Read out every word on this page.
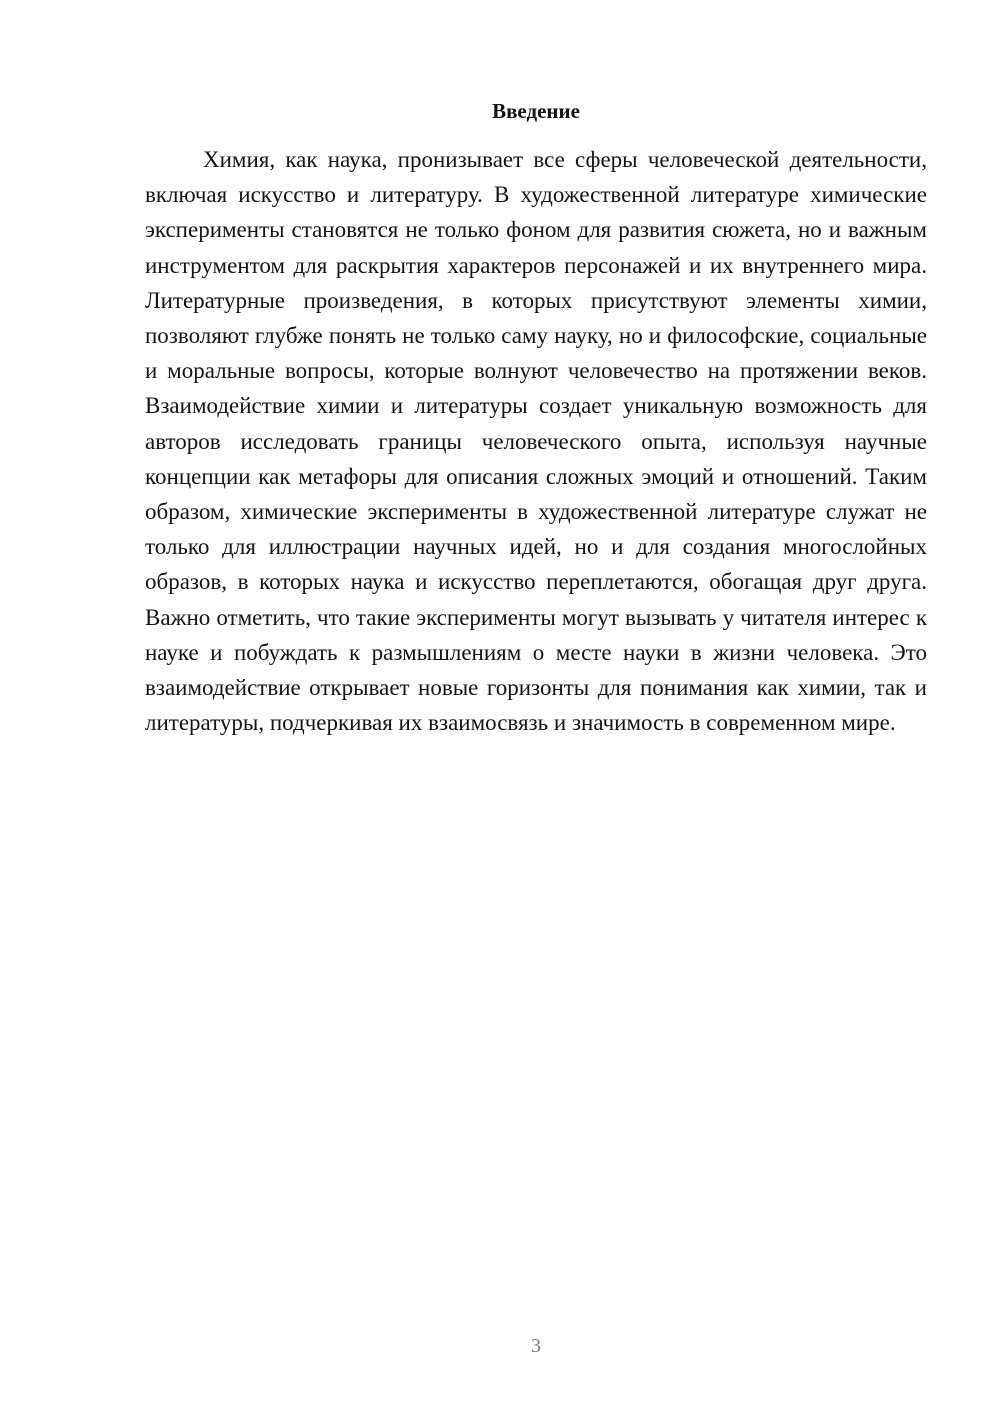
Введение

Химия, как наука, пронизывает все сферы человеческой деятельности, включая искусство и литературу. В художественной литературе химические эксперименты становятся не только фоном для развития сюжета, но и важным инструментом для раскрытия характеров персонажей и их внутреннего мира. Литературные произведения, в которых присутствуют элементы химии, позволяют глубже понять не только саму науку, но и философские, социальные и моральные вопросы, которые волнуют человечество на протяжении веков. Взаимодействие химии и литературы создает уникальную возможность для авторов исследовать границы человеческого опыта, используя научные концепции как метафоры для описания сложных эмоций и отношений. Таким образом, химические эксперименты в художественной литературе служат не только для иллюстрации научных идей, но и для создания многослойных образов, в которых наука и искусство переплетаются, обогащая друг друга. Важно отметить, что такие эксперименты могут вызывать у читателя интерес к науке и побуждать к размышлениям о месте науки в жизни человека. Это взаимодействие открывает новые горизонты для понимания как химии, так и литературы, подчеркивая их взаимосвязь и значимость в современном мире.

3
